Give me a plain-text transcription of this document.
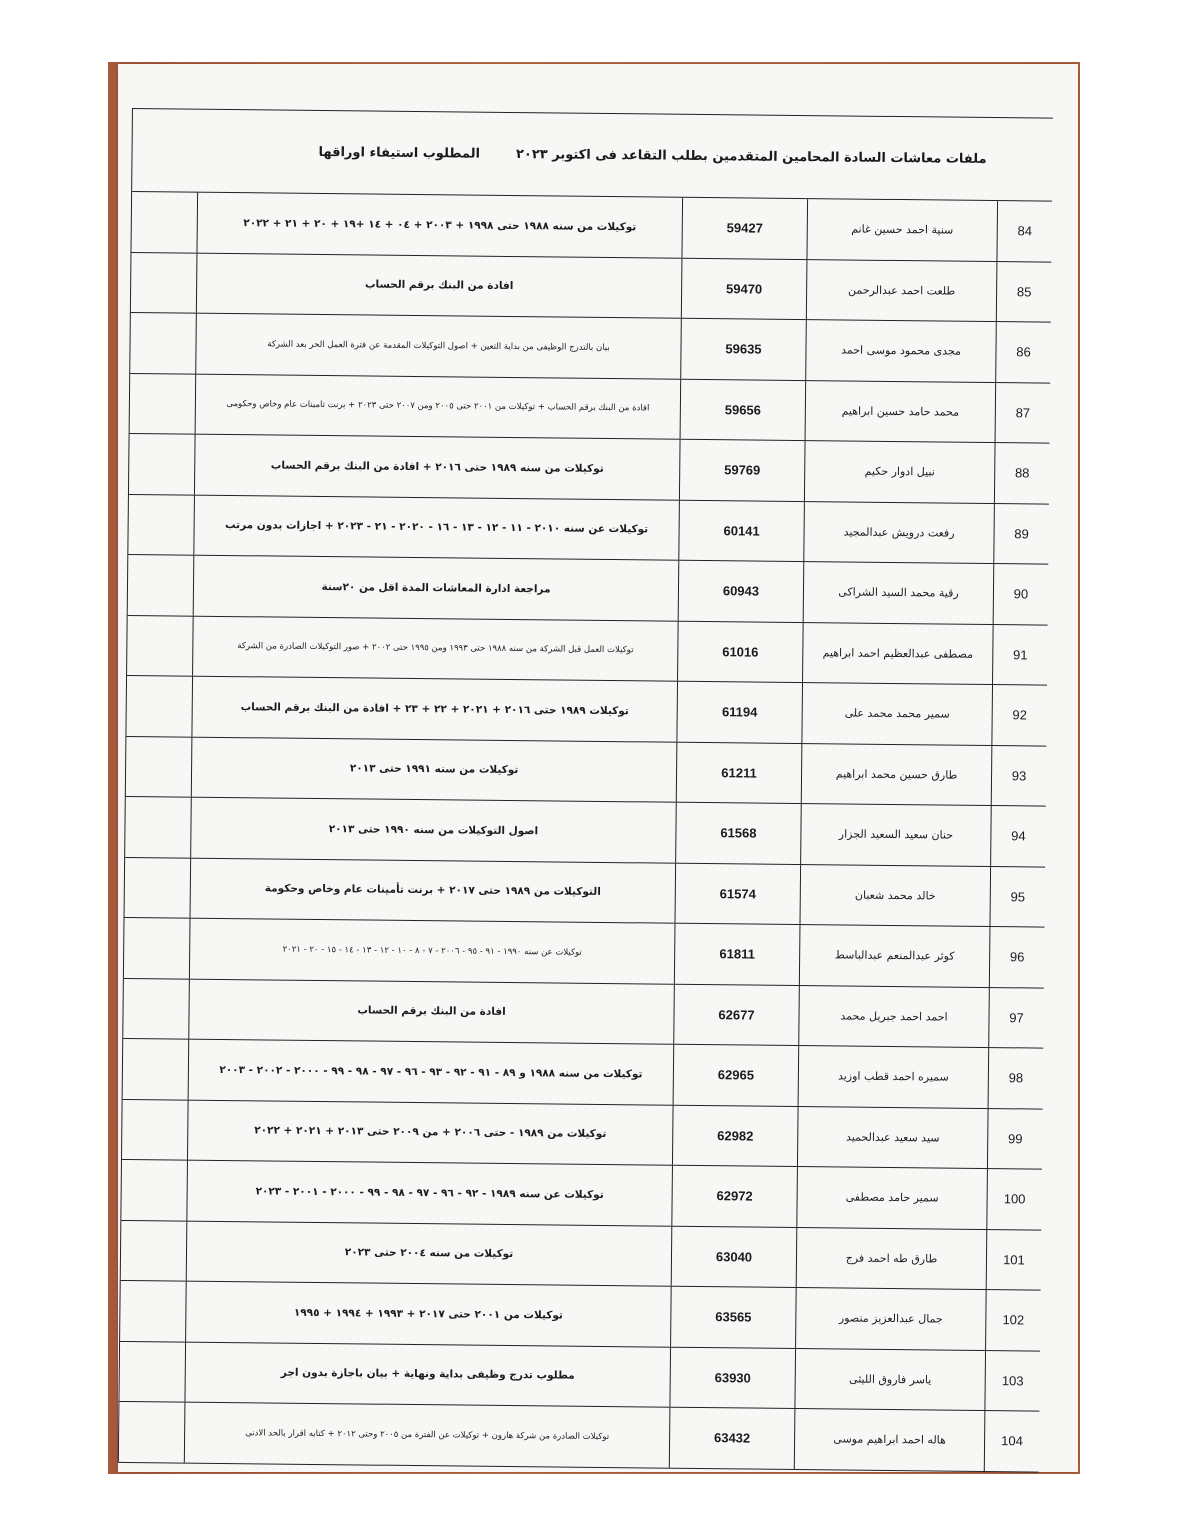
ملفات معاشات السادة المحامين المتقدمين بطلب التقاعد فى اكتوبر ٢٠٢٣
المطلوب استيفاء اوراقها
84
سنية احمد حسين غانم
59427
توكيلات من سنه ١٩٨٨ حتى ١٩٩٨ + ٢٠٠٣ + ٠٤ + ١٤ +١٩ + ٢٠ + ٢١ + ٢٠٢٢
85
طلعت احمد عبدالرحمن
59470
افادة من البنك برقم الحساب
86
مجدى محمود موسى احمد
59635
بيان بالتدرج الوظيفى من بداية التعين + اصول التوكيلات المقدمة عن فترة العمل الحر بعد الشركة
87
محمد حامد حسين ابراهيم
59656
افادة من البنك برقم الحساب + توكيلات من ٢٠٠١ حتى ٢٠٠٥ ومن ٢٠٠٧ حتى ٢٠٢٣ + برنت تامينات عام وخاص وحكومى
88
نبيل ادوار حكيم
59769
توكيلات من سنه ١٩٨٩ حتى ٢٠١٦ + افادة من البنك برقم الحساب
89
رفعت درويش عبدالمجيد
60141
توكيلات عن سنه ٢٠١٠ - ١١ - ١٢ - ١٣ - ١٦ - ٢٠٢٠ - ٢١ - ٢٠٢٣ + اجازات بدون مرتب
90
رقية محمد السيد الشراكى
60943
مراجعة ادارة المعاشات المدة اقل من ٢٠سنة
91
مصطفى عبدالعظيم احمد ابراهيم
61016
توكيلات العمل قبل الشركة من سنه ١٩٨٨ حتى ١٩٩٣ ومن ١٩٩٥ حتى ٢٠٠٢ + صور التوكيلات الصادرة من الشركة
92
سمير محمد محمد على
61194
توكيلات ١٩٨٩ حتى ٢٠١٦ + ٢٠٢١ + ٢٢ + ٢٣ + افادة من البنك برقم الحساب
93
طارق حسين محمد ابراهيم
61211
توكيلات من سنه ١٩٩١ حتى ٢٠١٣
94
حنان سعيد السعيد الجزار
61568
اصول التوكيلات من سنه ١٩٩٠ حتى ٢٠١٣
95
خالد محمد شعبان
61574
التوكيلات من ١٩٨٩ حتى ٢٠١٧ + برنت تأمينات عام وخاص وحكومة
96
كوثر عبدالمنعم عبدالباسط
61811
توكيلات عن سنه ١٩٩٠ - ٩١ - ٩٥ - ٢٠٠٦ - ٧ - ٨ - ١٠ - ١٢ - ١٣ - ١٤ - ١٥ - ٢٠ - ٢٠٢١
97
احمد احمد جبريل محمد
62677
افادة من البنك برقم الحساب
98
سميره احمد قطب اوزيد
62965
توكيلات من سنه ١٩٨٨ و ٨٩ - ٩١ - ٩٢ - ٩٣ - ٩٦ - ٩٧ - ٩٨ - ٩٩ - ٢٠٠٠ - ٢٠٠٢ - ٢٠٠٣
99
سيد سعيد عبدالحميد
62982
توكيلات من ١٩٨٩ - حتى ٢٠٠٦ + من ٢٠٠٩ حتى ٢٠١٣ + ٢٠٢١ + ٢٠٢٢
100
سمير حامد مصطفى
62972
توكيلات عن سنه ١٩٨٩ - ٩٢ - ٩٦ - ٩٧ - ٩٨ - ٩٩ - ٢٠٠٠ - ٢٠٠١ - ٢٠٢٣
101
طارق طه احمد فرج
63040
توكيلات من سنه ٢٠٠٤ حتى ٢٠٢٣
102
جمال عبدالعزيز منصور
63565
توكيلات من ٢٠٠١ حتى ٢٠١٧ + ١٩٩٣ + ١٩٩٤ + ١٩٩٥
103
ياسر فاروق الليثى
63930
مطلوب تدرج وظيفى بداية ونهاية + بيان باجازة بدون اجر
104
هاله احمد ابراهيم موسى
63432
توكيلات الصادرة من شركة هارون + توكيلات عن الفترة من ٢٠٠٥ وحتى ٢٠١٢ + كتابه اقرار بالحد الادنى
